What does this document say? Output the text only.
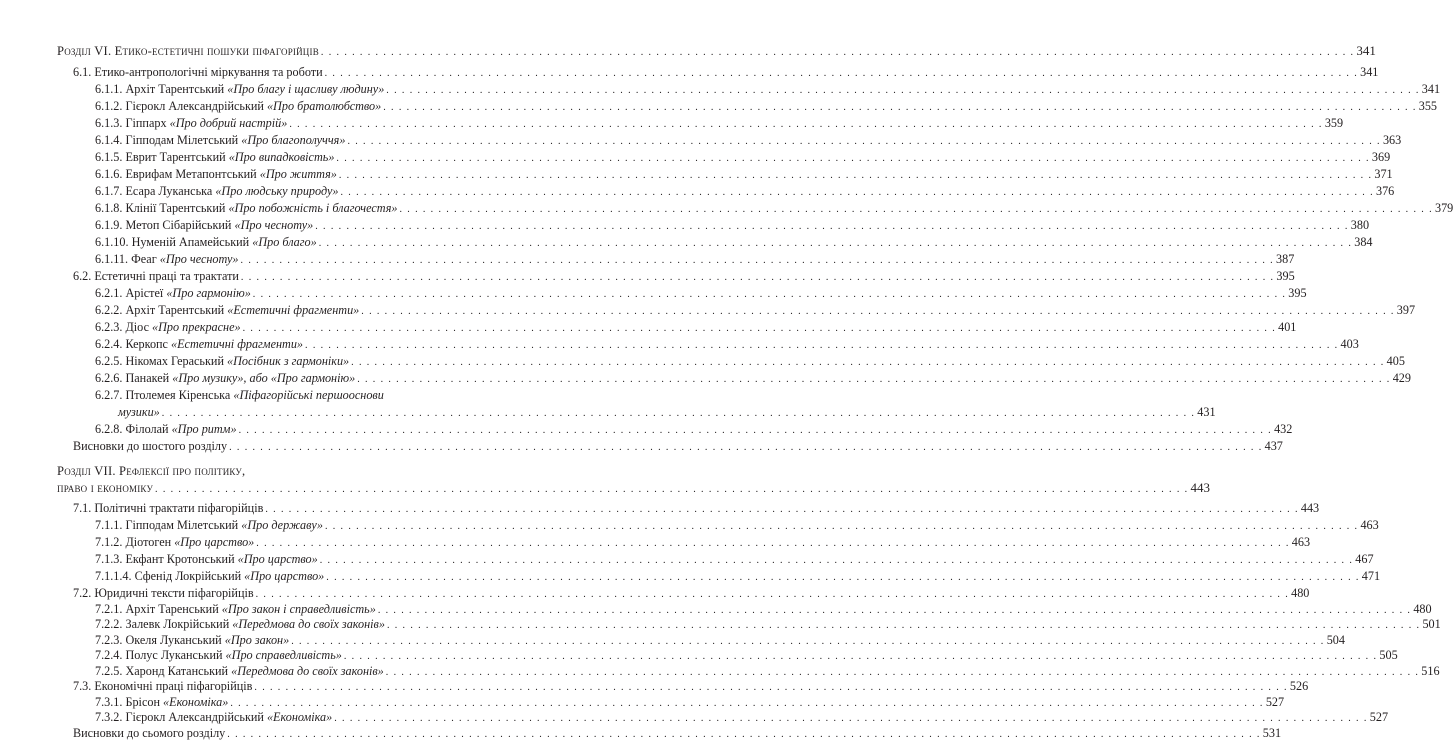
Розділ VI. Етико-естетичні пошуки піфагорійців . . .	341
6.1. Етико-антропологічні міркування та роботи . . .	341
6.1.1. Архіт Тарентський «Про благу і щасливу людину» . . .	341
6.1.2. Гієрокл Александрійський «Про братолюбство» . . .	355
6.1.3. Гіппарх «Про добрий настрій» . . .	359
6.1.4. Гіпподам Мілетський «Про благополуччя» . . .	363
6.1.5. Еврит Тарентський «Про випадковість» . . .	369
6.1.6. Еврифам Метапонтський «Про життя» . . .	371
6.1.7. Есара Луканська «Про людську природу» . . .	376
6.1.8. Клінії Тарентський «Про побожність і благочестя» . . .	379
6.1.9. Метоп Сібарійський «Про чесноту» . . .	380
6.1.10. Нуменій Апамейський «Про благо» . . .	384
6.1.11. Феаг «Про чесноту» . . .	387
6.2. Естетичні праці та трактати . . .	395
6.2.1. Арістеї «Про гармонію» . . .	395
6.2.2. Архіт Тарентський «Естетичні фрагменти» . . .	397
6.2.3. Діос «Про прекрасне» . . .	401
6.2.4. Керкопс «Естетичні фрагменти» . . .	403
6.2.5. Нікомах Гераський «Посібник з гармоніки» . . .	405
6.2.6. Панакей «Про музику», або «Про гармонію» . . .	429
6.2.7. Птолемея Кіренська «Піфагорійські першооснови
музики» . . .	431
6.2.8. Філолай «Про ритм» . . .	432
Висновки до шостого розділу . . .	437
Розділ VII. Рефлексії про політику,
право і економіку . . .	443
7.1. Політичні трактати піфагорійців . . .	443
7.1.1. Гіпподам Мілетський «Про державу» . . .	463
7.1.2. Діотоген «Про царство» . . .	463
7.1.3. Екфант Кротонський «Про царство» . . .	467
7.1.1.4. Сфенід Локрійський «Про царство» . . .	471
7.2. Юридичні тексти піфагорійців . . .	480
7.2.1. Архіт Таренський «Про закон і справедливість» . . .	480
7.2.2. Залевк Локрійський «Передмова до своїх законів» . . .	501
7.2.3. Океля Луканський «Про закон» . . .	504
7.2.4. Полус Луканський «Про справедливість» . . .	505
7.2.5. Харонд Катанський «Передмова до своїх законів» . . .	516
7.3. Економічні праці піфагорійців . . .	526
7.3.1. Брісон «Економіка» . . .	527
7.3.2. Гієрокл Александрійський «Економіка» . . .	527
Висновки до сьомого розділу . . .	531
